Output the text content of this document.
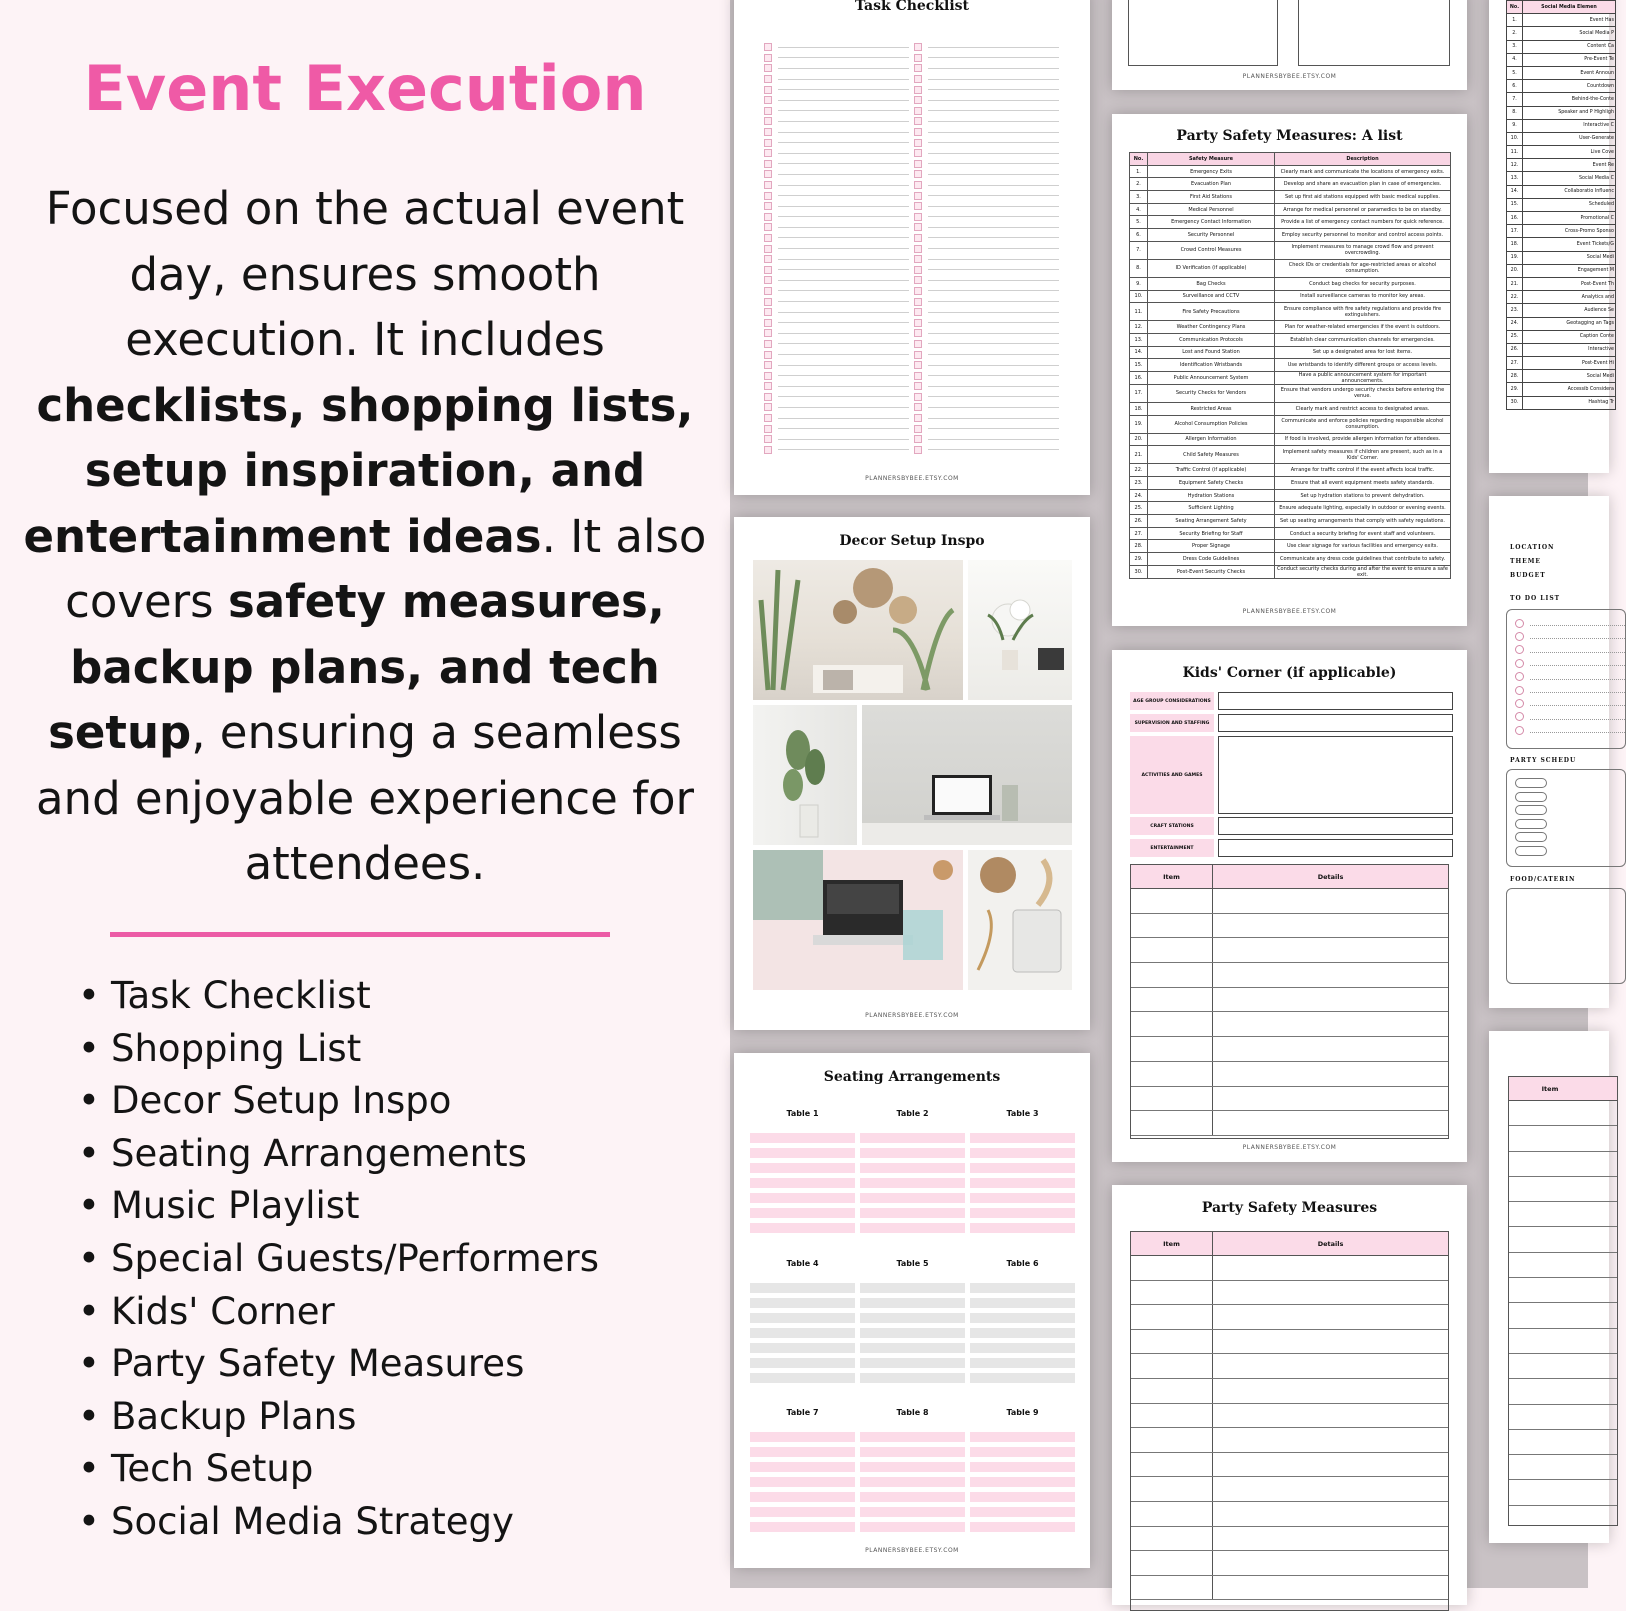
Event Execution

Focused on the actual event day, ensures smooth execution. It includes checklists, shopping lists, setup inspiration, and entertainment ideas. It also covers safety measures, backup plans, and tech setup, ensuring a seamless and enjoyable experience for attendees.

• Task Checklist
• Shopping List
• Decor Setup Inspo
• Seating Arrangements
• Music Playlist
• Special Guests/Performers
• Kids' Corner
• Party Safety Measures
• Backup Plans
• Tech Setup
• Social Media Strategy
Task Checklist
PLANNERSBYBEE.ETSY.COM
Decor Setup Inspo
PLANNERSBYBEE.ETSY.COM
Seating Arrangements
PLANNERSBYBEE.ETSY.COM
Table 1	Table 2	Table 3
Table 4	Table 5	Table 6
Table 7	Table 8	Table 9
PLANNERSBYBEE.ETSY.COM
Party Safety Measures: A list
No.	Safety Measure	Description
1.	Emergency Exits	Clearly mark and communicate the locations of emergency exits.
2.	Evacuation Plan	Develop and share an evacuation plan in case of emergencies.
3.	First Aid Stations	Set up first aid stations equipped with basic medical supplies.
4.	Medical Personnel	Arrange for medical personnel or paramedics to be on standby.
5.	Emergency Contact Information	Provide a list of emergency contact numbers for quick reference.
6.	Security Personnel	Employ security personnel to monitor and control access points.
7.	Crowd Control Measures	Implement measures to manage crowd flow and prevent overcrowding.
8.	ID Verification (if applicable)	Check IDs or credentials for age-restricted areas or alcohol consumption.
9.	Bag Checks	Conduct bag checks for security purposes.
10.	Surveillance and CCTV	Install surveillance cameras to monitor key areas.
11.	Fire Safety Precautions	Ensure compliance with fire safety regulations and provide fire extinguishers.
12.	Weather Contingency Plans	Plan for weather-related emergencies if the event is outdoors.
13.	Communication Protocols	Establish clear communication channels for emergencies.
14.	Lost and Found Station	Set up a designated area for lost items.
15.	Identification Wristbands	Use wristbands to identify different groups or access levels.
16.	Public Announcement System	Have a public announcement system for important announcements.
17.	Security Checks for Vendors	Ensure that vendors undergo security checks before entering the venue.
18.	Restricted Areas	Clearly mark and restrict access to designated areas.
19.	Alcohol Consumption Policies	Communicate and enforce policies regarding responsible alcohol consumption.
20.	Allergen Information	If food is involved, provide allergen information for attendees.
21.	Child Safety Measures	Implement safety measures if children are present, such as in a Kids' Corner.
22.	Traffic Control (if applicable)	Arrange for traffic control if the event affects local traffic.
23.	Equipment Safety Checks	Ensure that all event equipment meets safety standards.
24.	Hydration Stations	Set up hydration stations to prevent dehydration.
25.	Sufficient Lighting	Ensure adequate lighting, especially in outdoor or evening events.
26.	Seating Arrangement Safety	Set up seating arrangements that comply with safety regulations.
27.	Security Briefing for Staff	Conduct a security briefing for event staff and volunteers.
28.	Proper Signage	Use clear signage for various facilities and emergency exits.
29.	Dress Code Guidelines	Communicate any dress code guidelines that contribute to safety.
30.	Post-Event Security Checks	Conduct security checks during and after the event to ensure a safe exit.
PLANNERSBYBEE.ETSY.COM
Kids' Corner (if applicable)
AGE GROUP CONSIDERATIONS
SUPERVISION AND STAFFING
ACTIVITIES AND GAMES
CRAFT STATIONS
ENTERTAINMENT
Item	Details
PLANNERSBYBEE.ETSY.COM
Party Safety Measures
Item	Details
No.	Social Media Elemen
1.	Event Has
2.	Social Media P
3.	Content Ca
4.	Pre-Event Te
5.	Event Announ
6.	Countdown
7.	Behind-the-Conte
8.	Speaker and P Highligh
9.	Interactive C
10.	User-Generate
11.	Live Cove
12.	Event Re
13.	Social Media C
14.	Collaboratio Influenc
15.	Scheduled
16.	Promotional C
17.	Cross-Promo Sponso
18.	Event Tickets/G
19.	Social Medi
20.	Engagement M
21.	Post-Event Th
22.	Analytics and
23.	Audience Se
24.	Geotagging an Tags
25.	Caption Conte
26.	Interactive
27.	Post-Event Hi
28.	Social Medi
29.	Accessib Considera
30.	Hashtag Tr
LOCATION
THEME
BUDGET
TO DO LIST
PARTY SCHEDU
FOOD/CATERIN
Item
